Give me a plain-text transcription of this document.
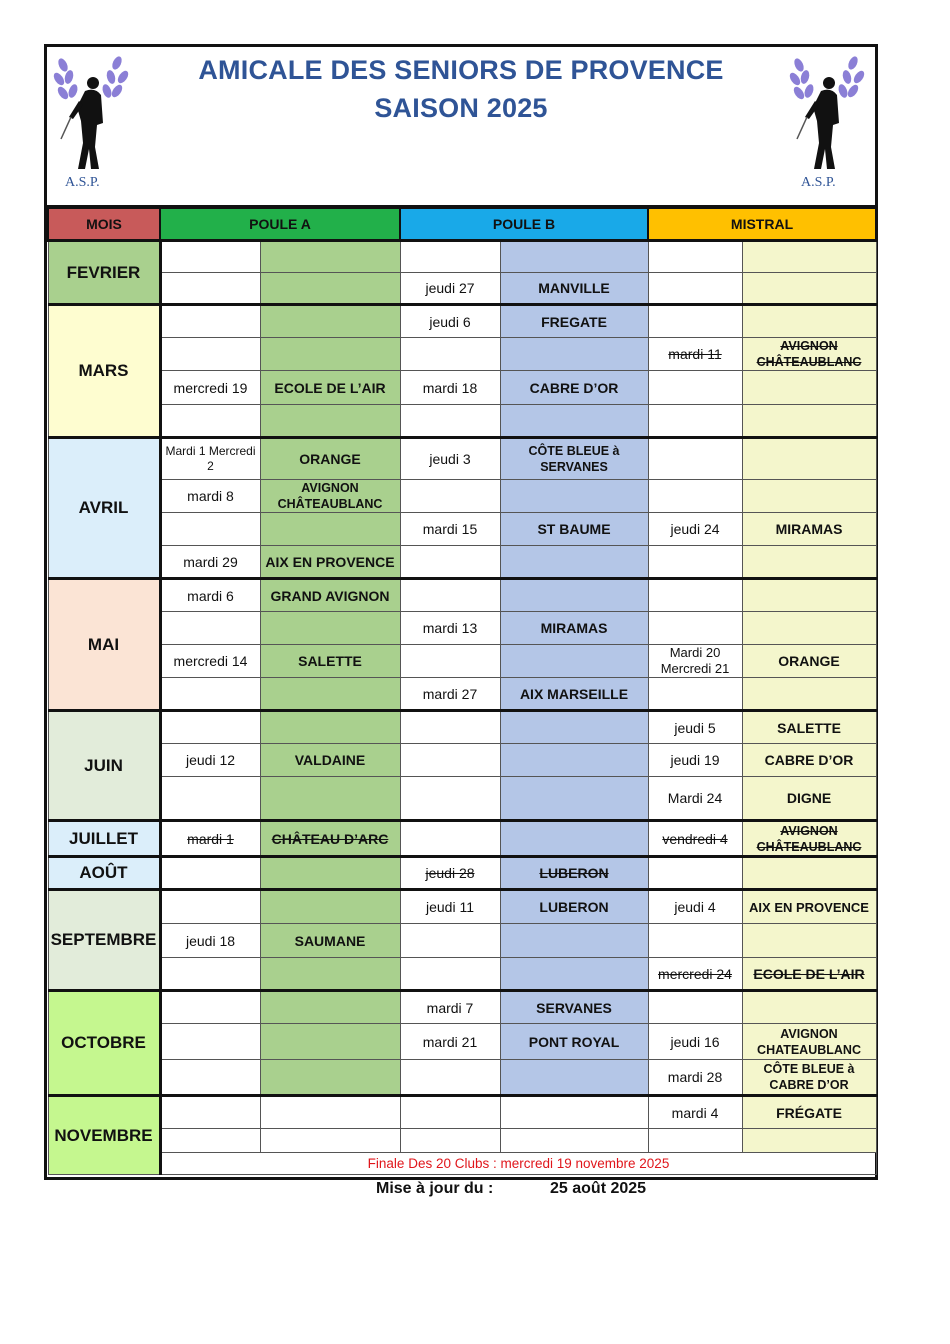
A.S.P.
AMICALE DES SENIORS DE PROVENCE
SAISON 2025
A.S.P.
MOIS	POULE A		POULE B		MISTRAL	
FEVRIER						
			jeudi 27	MANVILLE		
MARS			jeudi 6	FREGATE		
					mardi 11	AVIGNON CHÂTEAUBLANC
	mercredi 19	ECOLE DE L’AIR	mardi 18	CABRE D’OR		

AVRIL	Mardi 1 Mercredi 2	ORANGE	jeudi 3	CÔTE BLEUE à SERVANES		
	mardi 8	AVIGNON CHÂTEAUBLANC				
			mardi 15	ST BAUME	jeudi 24	MIRAMAS
	mardi 29	AIX EN PROVENCE				
MAI	mardi 6	GRAND AVIGNON				
			mardi 13	MIRAMAS		
	mercredi 14	SALETTE			Mardi 20 Mercredi 21	ORANGE
			mardi 27	AIX MARSEILLE		
JUIN					jeudi 5	SALETTE
	jeudi 12	VALDAINE			jeudi 19	CABRE D’OR
					Mardi 24	DIGNE
JUILLET	mardi 1	CHÂTEAU D’ARC			vendredi 4	AVIGNON CHÂTEAUBLANC
AOÛT			jeudi 28	LUBERON		
SEPTEMBRE			jeudi 11	LUBERON	jeudi 4	AIX EN PROVENCE
	jeudi 18	SAUMANE				
					mercredi 24	ECOLE DE L’AIR
OCTOBRE			mardi 7	SERVANES		
			mardi 21	PONT ROYAL	jeudi 16	AVIGNON CHATEAUBLANC
					mardi 28	CÔTE BLEUE à CABRE D’OR
NOVEMBRE					mardi 4	FRÉGATE

	Finale Des 20 Clubs : mercredi 19 novembre 2025					
Mise à jour du :	25 août 2025
